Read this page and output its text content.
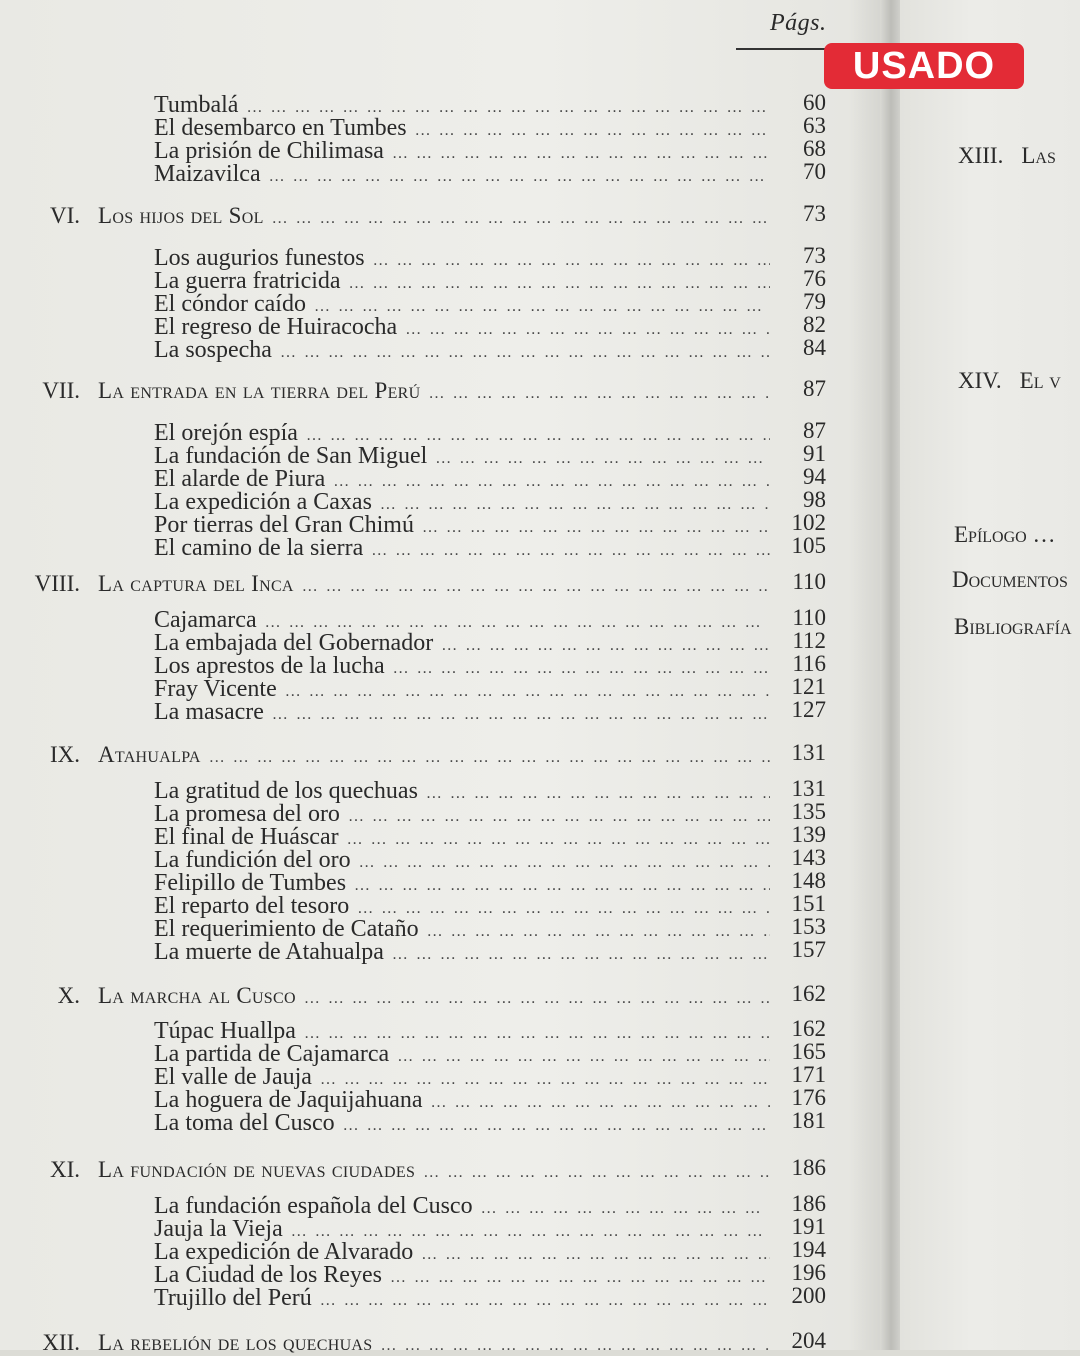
Págs.
USADO
Tumbalá … … … … … … … … … … … … … … … … … … … … … … … … … … … … … … … … … … … … … … … … … … … … … … … … … …	60
El desembarco en Tumbes … … … … … … … … … … … … … … … … … … … … … … … … … … … … … … … … … … … … … … … … … … … … … … … … … …	63
La prisión de Chilimasa … … … … … … … … … … … … … … … … … … … … … … … … … … … … … … … … … … … … … … … … … … … … … … … … … …	68
Maizavilca … … … … … … … … … … … … … … … … … … … … … … … … … … … … … … … … … … … … … … … … … … … … … … … … … …	70
VI. Los hijos del Sol … … … … … … … … … … … … … … … … … … … … … … … … … … … … … … … … … … … … … … … … … … … … … … … … … …	73
Los augurios funestos … … … … … … … … … … … … … … … … … … … … … … … … … … … … … … … … … … … … … … … … … … … … … … … … … …	73
La guerra fratricida … … … … … … … … … … … … … … … … … … … … … … … … … … … … … … … … … … … … … … … … … … … … … … … … … …	76
El cóndor caído … … … … … … … … … … … … … … … … … … … … … … … … … … … … … … … … … … … … … … … … … … … … … … … … … …	79
El regreso de Huiracocha … … … … … … … … … … … … … … … … … … … … … … … … … … … … … … … … … … … … … … … … … … … … … … … … … …	82
La sospecha … … … … … … … … … … … … … … … … … … … … … … … … … … … … … … … … … … … … … … … … … … … … … … … … … …	84
VII. La entrada en la tierra del Perú … … … … … … … … … … … … … … … … … … … … … … … … … … … … … … … … … … … … … … … … … … … … … … … … … …	87
El orejón espía … … … … … … … … … … … … … … … … … … … … … … … … … … … … … … … … … … … … … … … … … … … … … … … … … …	87
La fundación de San Miguel … … … … … … … … … … … … … … … … … … … … … … … … … … … … … … … … … … … … … … … … … … … … … … … … … …	91
El alarde de Piura … … … … … … … … … … … … … … … … … … … … … … … … … … … … … … … … … … … … … … … … … … … … … … … … … …	94
La expedición a Caxas … … … … … … … … … … … … … … … … … … … … … … … … … … … … … … … … … … … … … … … … … … … … … … … … … …	98
Por tierras del Gran Chimú … … … … … … … … … … … … … … … … … … … … … … … … … … … … … … … … … … … … … … … … … … … … … … … … … …	102
El camino de la sierra … … … … … … … … … … … … … … … … … … … … … … … … … … … … … … … … … … … … … … … … … … … … … … … … … …	105
VIII. La captura del Inca … … … … … … … … … … … … … … … … … … … … … … … … … … … … … … … … … … … … … … … … … … … … … … … … … …	110
Cajamarca … … … … … … … … … … … … … … … … … … … … … … … … … … … … … … … … … … … … … … … … … … … … … … … … … …	110
La embajada del Gobernador … … … … … … … … … … … … … … … … … … … … … … … … … … … … … … … … … … … … … … … … … … … … … … … … … …	112
Los aprestos de la lucha … … … … … … … … … … … … … … … … … … … … … … … … … … … … … … … … … … … … … … … … … … … … … … … … … …	116
Fray Vicente … … … … … … … … … … … … … … … … … … … … … … … … … … … … … … … … … … … … … … … … … … … … … … … … … …	121
La masacre … … … … … … … … … … … … … … … … … … … … … … … … … … … … … … … … … … … … … … … … … … … … … … … … … …	127
IX. Atahualpa … … … … … … … … … … … … … … … … … … … … … … … … … … … … … … … … … … … … … … … … … … … … … … … … … …	131
La gratitud de los quechuas … … … … … … … … … … … … … … … … … … … … … … … … … … … … … … … … … … … … … … … … … … … … … … … … … …	131
La promesa del oro … … … … … … … … … … … … … … … … … … … … … … … … … … … … … … … … … … … … … … … … … … … … … … … … … …	135
El final de Huáscar … … … … … … … … … … … … … … … … … … … … … … … … … … … … … … … … … … … … … … … … … … … … … … … … … …	139
La fundición del oro … … … … … … … … … … … … … … … … … … … … … … … … … … … … … … … … … … … … … … … … … … … … … … … … … …	143
Felipillo de Tumbes … … … … … … … … … … … … … … … … … … … … … … … … … … … … … … … … … … … … … … … … … … … … … … … … … …	148
El reparto del tesoro … … … … … … … … … … … … … … … … … … … … … … … … … … … … … … … … … … … … … … … … … … … … … … … … … …	151
El requerimiento de Cataño … … … … … … … … … … … … … … … … … … … … … … … … … … … … … … … … … … … … … … … … … … … … … … … … … …	153
La muerte de Atahualpa … … … … … … … … … … … … … … … … … … … … … … … … … … … … … … … … … … … … … … … … … … … … … … … … … …	157
X. La marcha al Cusco … … … … … … … … … … … … … … … … … … … … … … … … … … … … … … … … … … … … … … … … … … … … … … … … … …	162
Túpac Huallpa … … … … … … … … … … … … … … … … … … … … … … … … … … … … … … … … … … … … … … … … … … … … … … … … … …	162
La partida de Cajamarca … … … … … … … … … … … … … … … … … … … … … … … … … … … … … … … … … … … … … … … … … … … … … … … … … …	165
El valle de Jauja … … … … … … … … … … … … … … … … … … … … … … … … … … … … … … … … … … … … … … … … … … … … … … … … … …	171
La hoguera de Jaquijahuana … … … … … … … … … … … … … … … … … … … … … … … … … … … … … … … … … … … … … … … … … … … … … … … … … …	176
La toma del Cusco … … … … … … … … … … … … … … … … … … … … … … … … … … … … … … … … … … … … … … … … … … … … … … … … … …	181
XI. La fundación de nuevas ciudades … … … … … … … … … … … … … … … … … … … … … … … … … … … … … … … … … … … … … … … … … … … … … … … … … …	186
La fundación española del Cusco … … … … … … … … … … … … … … … … … … … … … … … … … … … … … … … … … … … … … … … … … … … … … … … … … …	186
Jauja la Vieja … … … … … … … … … … … … … … … … … … … … … … … … … … … … … … … … … … … … … … … … … … … … … … … … … …	191
La expedición de Alvarado … … … … … … … … … … … … … … … … … … … … … … … … … … … … … … … … … … … … … … … … … … … … … … … … … …	194
La Ciudad de los Reyes … … … … … … … … … … … … … … … … … … … … … … … … … … … … … … … … … … … … … … … … … … … … … … … … … …	196
Trujillo del Perú … … … … … … … … … … … … … … … … … … … … … … … … … … … … … … … … … … … … … … … … … … … … … … … … … …	200
XII. La rebelión de los quechuas … … … … … … … … … … … … … … … … … … … … … … … … … … … … … … … … … … … … … … … … … … … … … … … … … …	204
XIII. Las
XIV. El v
Epílogo …
Documentos
Bibliografía
